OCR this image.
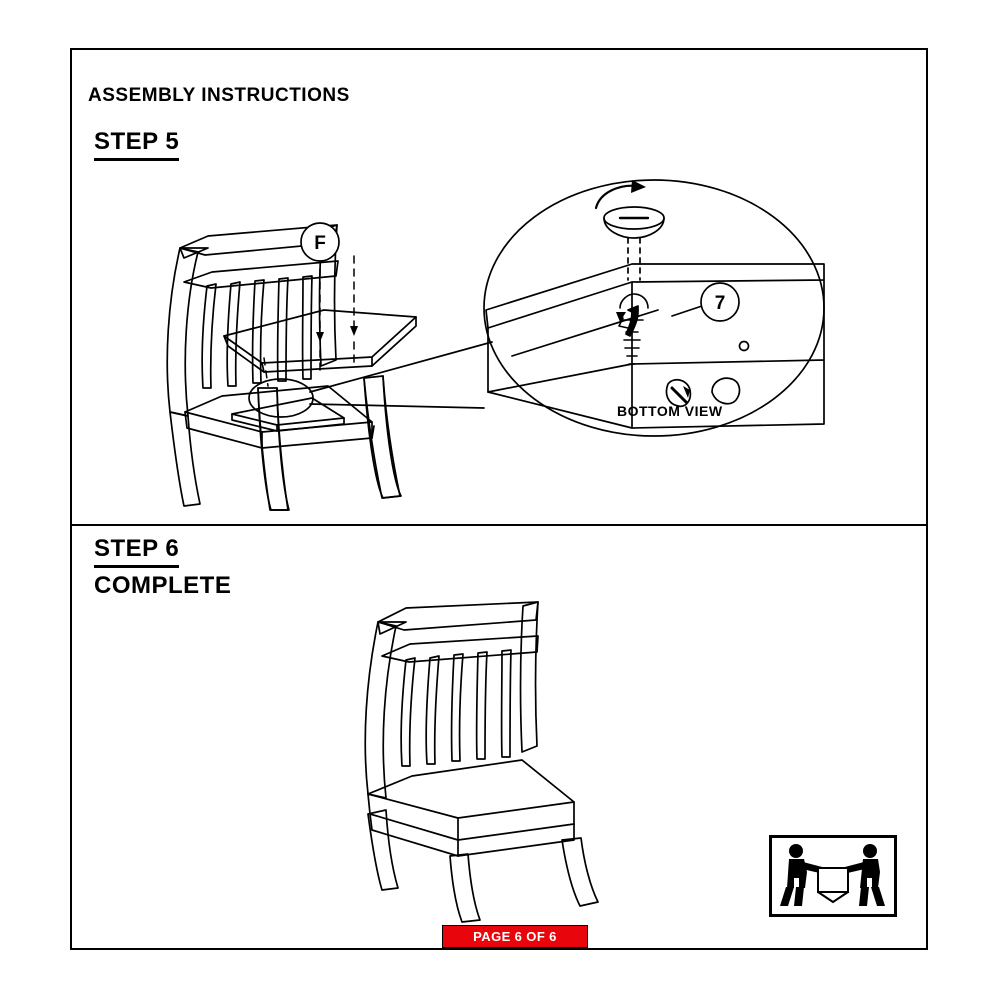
ASSEMBLY INSTRUCTIONS
STEP 5
F
7
BOTTOM VIEW
STEP 6
COMPLETE
PAGE 6 OF 6
